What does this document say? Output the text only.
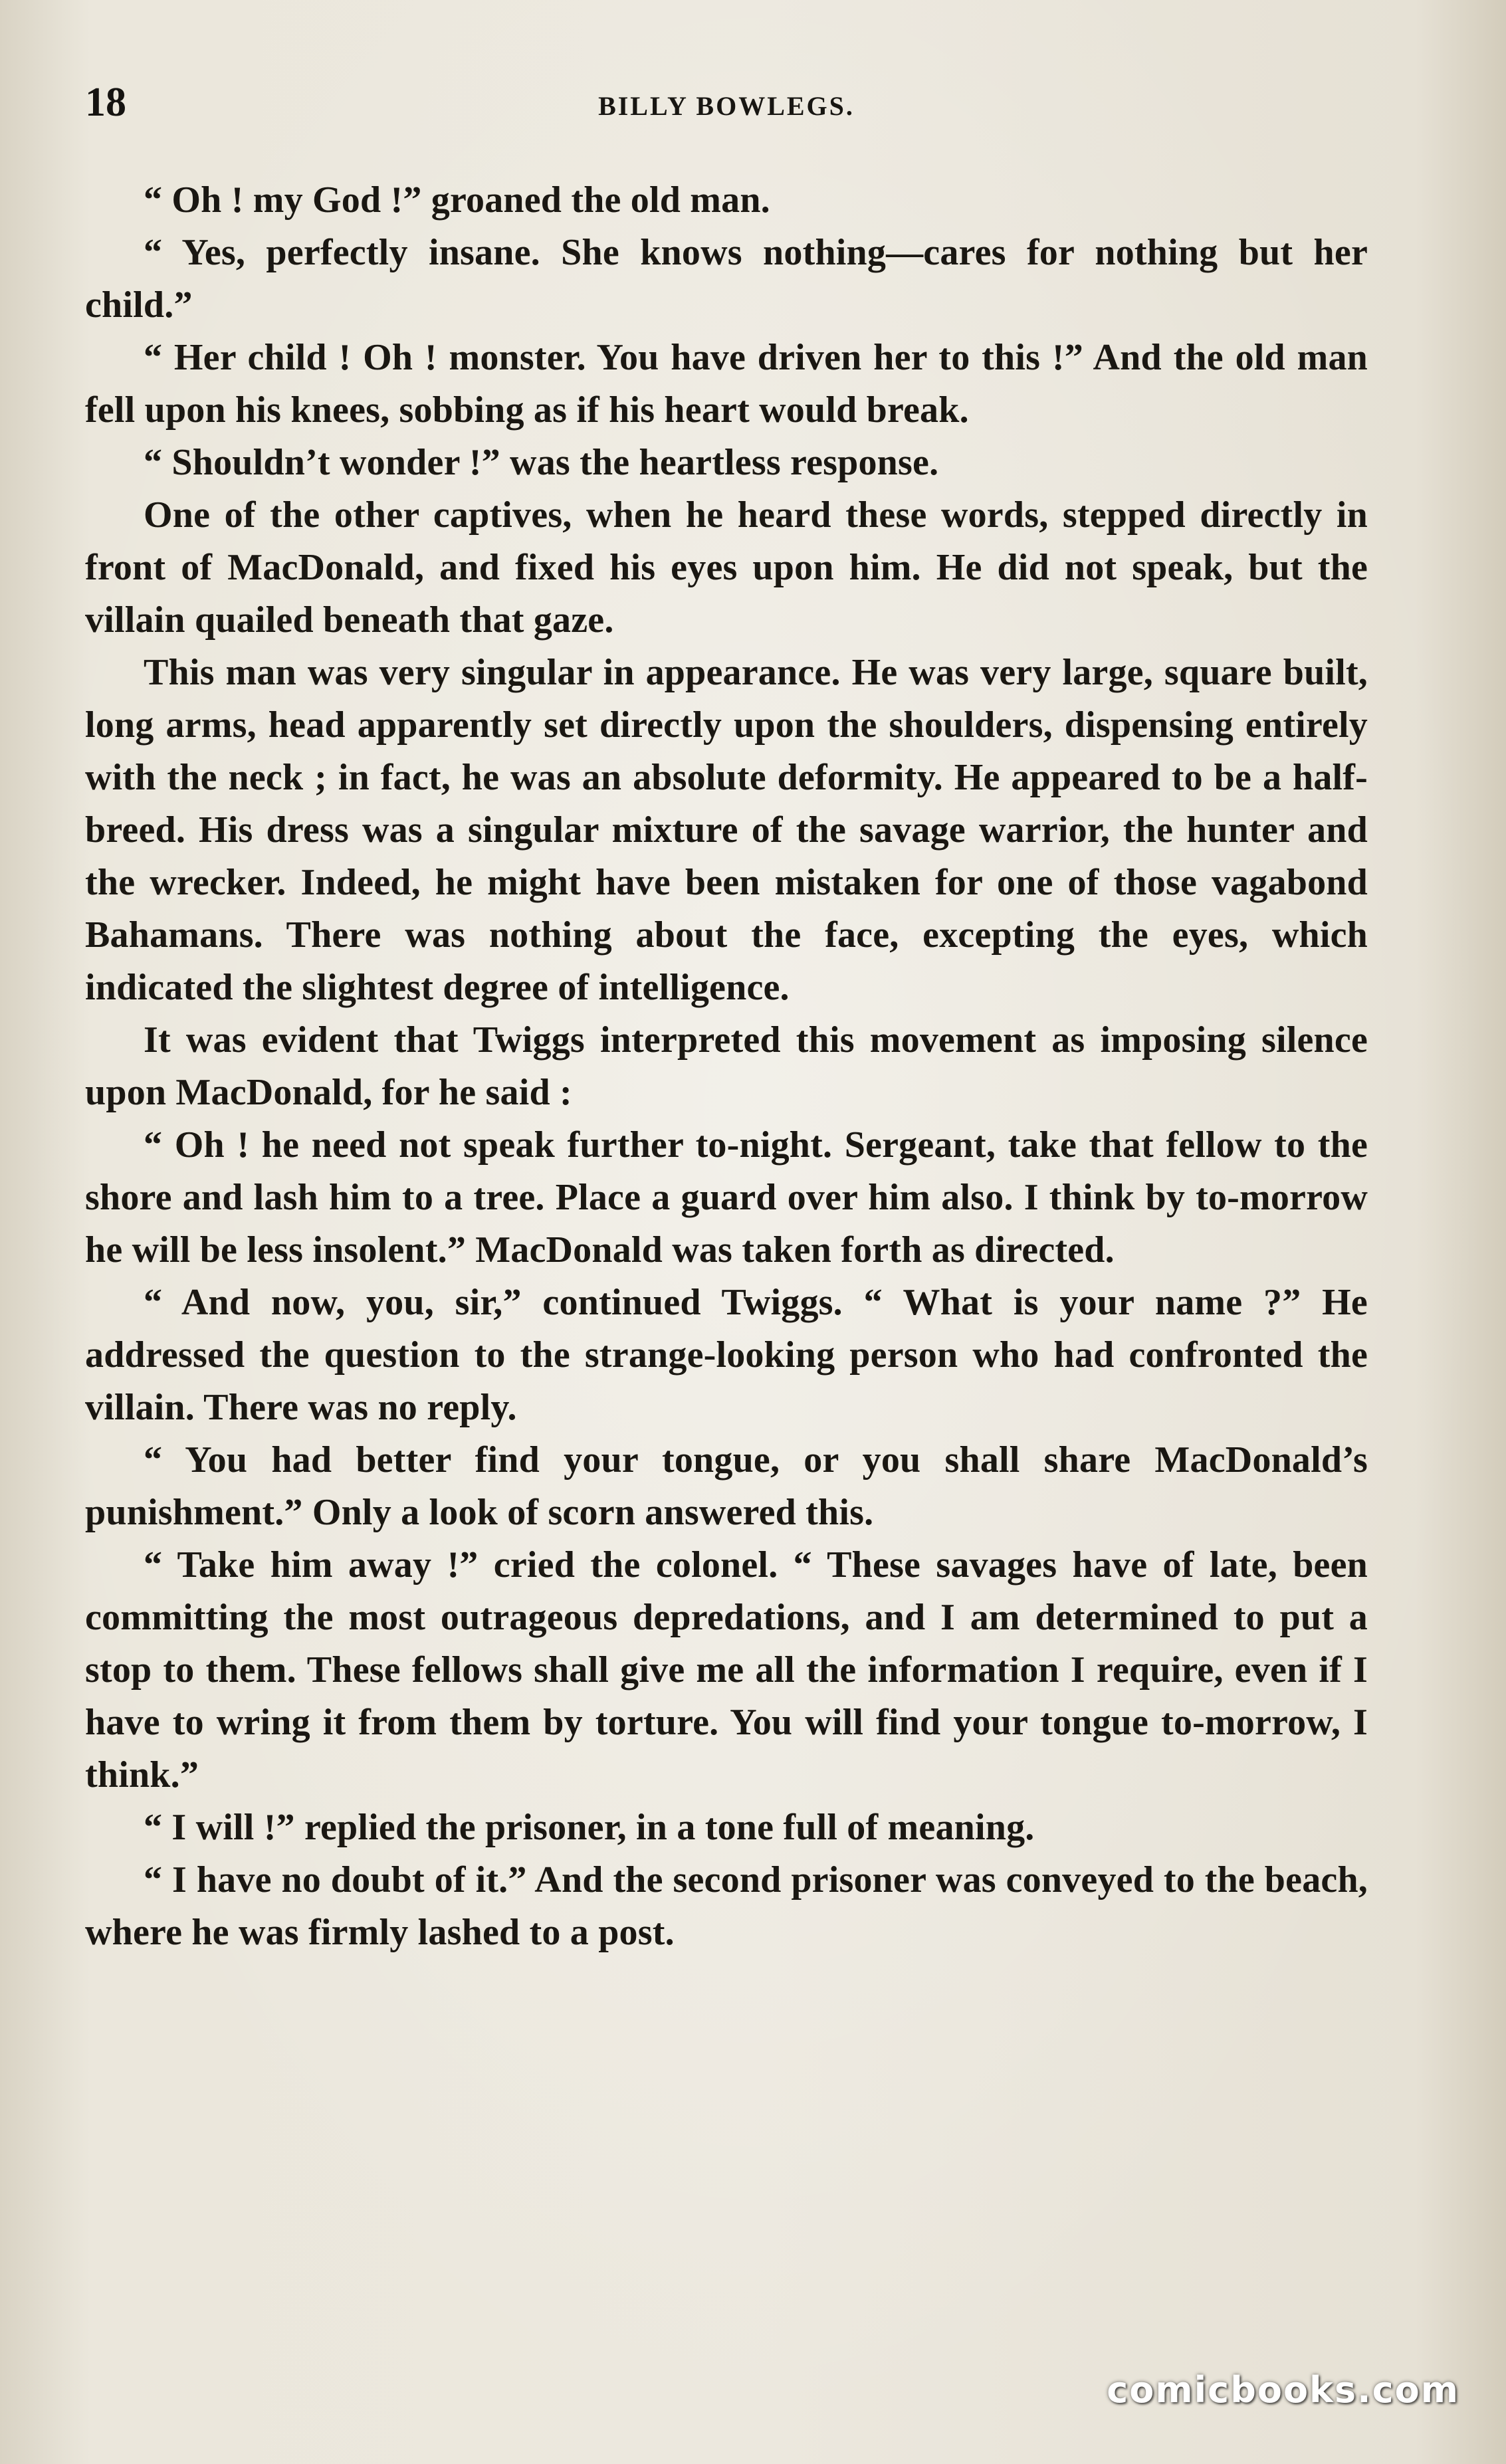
18	BILLY BOWLEGS.

“ Oh ! my God !” groaned the old man.

“ Yes, perfectly insane. She knows nothing—cares for nothing but her child.”

“ Her child ! Oh ! monster. You have driven her to this !” And the old man fell upon his knees, sobbing as if his heart would break.

“ Shouldn’t wonder !” was the heartless response.

One of the other captives, when he heard these words, stepped directly in front of MacDonald, and fixed his eyes upon him. He did not speak, but the villain quailed beneath that gaze.

This man was very singular in appearance. He was very large, square built, long arms, head apparently set directly upon the shoulders, dispensing entirely with the neck ; in fact, he was an absolute deformity. He appeared to be a half-breed. His dress was a singular mixture of the savage warrior, the hunter and the wrecker. Indeed, he might have been mistaken for one of those vagabond Bahamans. There was nothing about the face, excepting the eyes, which indicated the slightest degree of intelligence.

It was evident that Twiggs interpreted this movement as imposing silence upon MacDonald, for he said :

“ Oh ! he need not speak further to-night. Sergeant, take that fellow to the shore and lash him to a tree. Place a guard over him also. I think by to-morrow he will be less insolent.” MacDonald was taken forth as directed.

“ And now, you, sir,” continued Twiggs. “ What is your name ?” He addressed the question to the strange-looking person who had confronted the villain. There was no reply.

“ You had better find your tongue, or you shall share MacDonald’s punishment.” Only a look of scorn answered this.

“ Take him away !” cried the colonel. “ These savages have of late, been committing the most outrageous depredations, and I am determined to put a stop to them. These fellows shall give me all the information I require, even if I have to wring it from them by torture. You will find your tongue to-morrow, I think.”

“ I will !” replied the prisoner, in a tone full of meaning.

“ I have no doubt of it.” And the second prisoner was conveyed to the beach, where he was firmly lashed to a post.

comicbooks.com
